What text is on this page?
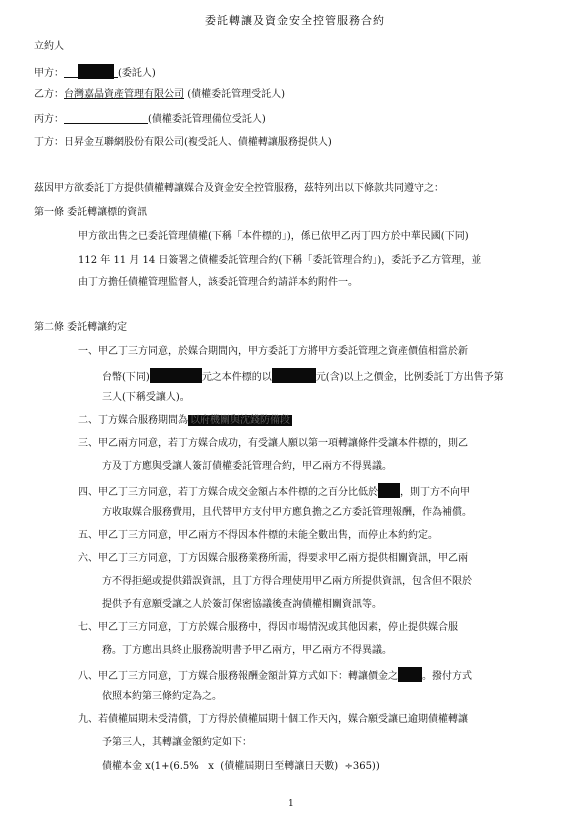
委託轉讓及資金安全控管服務合約
立約人
甲方：	(委託人)
乙方：台灣嘉晶資產管理有限公司 (債權委託管理受託人)
丙方：	(債權委託管理備位受託人)
丁方：日昇金互聯網股份有限公司(複受託人、債權轉讓服務提供人)
茲因甲方欲委託丁方提供債權轉讓媒合及資金安全控管服務，茲特列出以下條款共同遵守之：
第一條 委託轉讓標的資訊
甲方欲出售之已委託管理債權(下稱「本件標的」)，係已依甲乙丙丁四方於中華民國(下同)
112 年 11 月 14 日簽署之債權委託管理合約(下稱「委託管理合約」)，委託予乙方管理，並
由丁方擔任債權管理監督人，該委託管理合約請詳本約附件一。
第二條 委託轉讓約定
一、甲乙丁三方同意，於媒合期間內，甲方委託丁方將甲方委託管理之資產價值相當於新
台幣(下同)	元之本件標的以	元(含)以上之價金，比例委託丁方出售予第
三人(下稱受讓人)。
二、丁方媒合服務期間為 以府機關與沈錢防備段
三、甲乙兩方同意，若丁方媒合成功，有受讓人願以第一項轉讓條件受讓本件標的，則乙
方及丁方應與受讓人簽訂債權委託管理合約，甲乙兩方不得異議。
四、甲乙丁三方同意，若丁方媒合成交金額占本件標的之百分比低於 ，則丁方不向甲
方收取媒合服務費用，且代替甲方支付甲方應負擔之乙方委託管理報酬，作為補償。
五、甲乙丁三方同意，甲乙兩方不得因本件標的未能全數出售，而停止本約約定。
六、甲乙丁三方同意，丁方因媒合服務業務所需，得要求甲乙兩方提供相關資訊，甲乙兩
方不得拒絕或提供錯誤資訊，且丁方得合理使用甲乙兩方所提供資訊，包含但不限於
提供予有意願受讓之人於簽訂保密協議後查詢債權相關資訊等。
七、甲乙丁三方同意，丁方於媒合服務中，得因市場情況或其他因素，停止提供媒合服
務。丁方應出具終止服務說明書予甲乙兩方，甲乙兩方不得異議。
八、甲乙丁三方同意，丁方媒合服務報酬金額計算方式如下：轉讓價金之 。撥付方式
依照本約第三條約定為之。
九、若債權屆期未受清償，丁方得於債權屆期十個工作天內，媒合願受讓已逾期債權轉讓
予第三人，其轉讓金額約定如下：
債權本金 x(1+(6.5%   x  (債權屆期日至轉讓日天數)  ÷365))
1
